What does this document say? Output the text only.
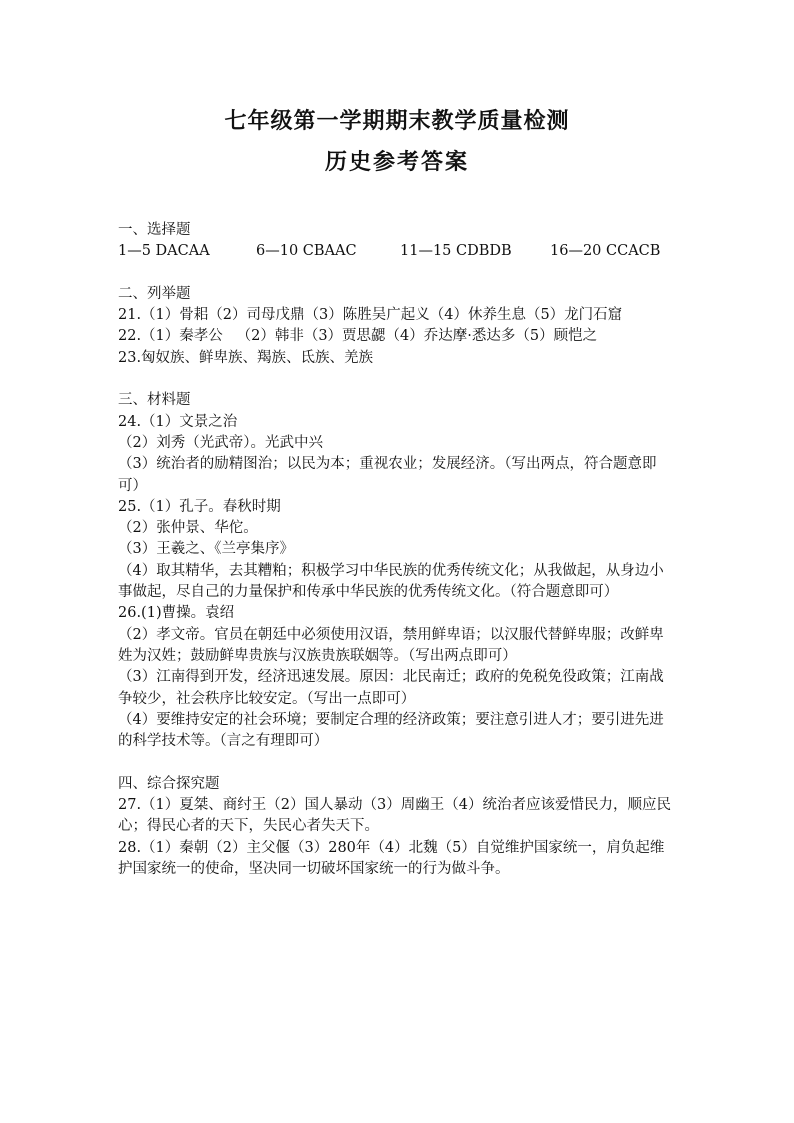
七年级第一学期期末教学质量检测
历史参考答案
一、选择题
1—5 DACAA	6—10 CBAAC	11—15 CDBDB	16—20 CCACB
二、列举题
21.（1）骨耜（2）司母戊鼎（3）陈胜吴广起义（4）休养生息（5）龙门石窟
22.（1）秦孝公   （2）韩非（3）贾思勰（4）乔达摩·悉达多（5）顾恺之
23.匈奴族、鲜卑族、羯族、氐族、羌族
三、材料题
24.（1）文景之治
（2）刘秀（光武帝）。光武中兴
（3）统治者的励精图治；以民为本；重视农业；发展经济。（写出两点，符合题意即可）
25.（1）孔子。春秋时期
（2）张仲景、华佗。
（3）王羲之、《兰亭集序》
（4）取其精华，去其糟粕；积极学习中华民族的优秀传统文化；从我做起，从身边小事做起，尽自己的力量保护和传承中华民族的优秀传统文化。（符合题意即可）
26.(1)曹操。袁绍
（2）孝文帝。官员在朝廷中必须使用汉语，禁用鲜卑语；以汉服代替鲜卑服；改鲜卑姓为汉姓；鼓励鲜卑贵族与汉族贵族联姻等。（写出两点即可）
（3）江南得到开发，经济迅速发展。原因：北民南迁；政府的免税免役政策；江南战争较少，社会秩序比较安定。（写出一点即可）
（4）要维持安定的社会环境；要制定合理的经济政策；要注意引进人才；要引进先进的科学技术等。（言之有理即可）
四、综合探究题
27.（1）夏桀、商纣王（2）国人暴动（3）周幽王（4）统治者应该爱惜民力，顺应民心；得民心者的天下，失民心者失天下。
28.（1）秦朝（2）主父偃（3）280年（4）北魏（5）自觉维护国家统一，肩负起维护国家统一的使命，坚决同一切破坏国家统一的行为做斗争。
